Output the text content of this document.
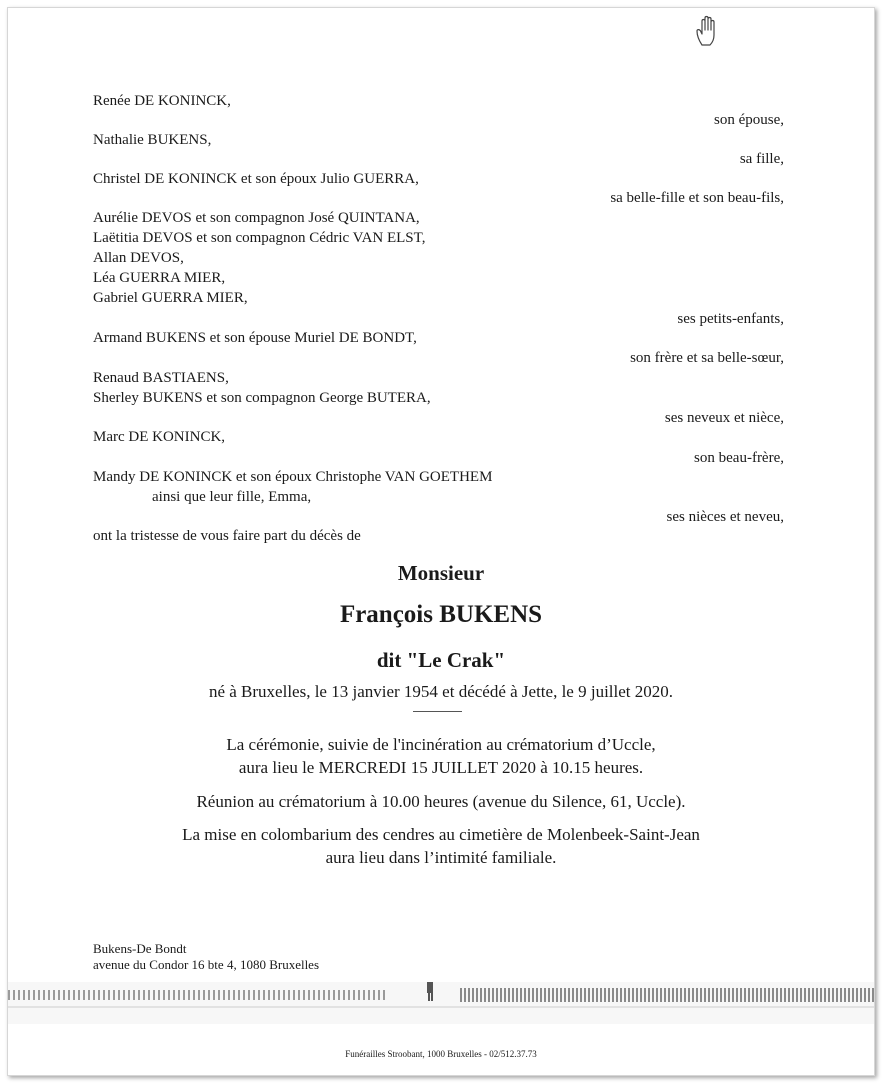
Renée DE KONINCK,
Nathalie BUKENS,
Christel DE KONINCK et son époux Julio GUERRA,
Aurélie DEVOS et son compagnon José QUINTANA,
Laëtitia DEVOS et son compagnon Cédric VAN ELST,
Allan DEVOS,
Léa GUERRA MIER,
Gabriel GUERRA MIER,
Armand BUKENS et son épouse Muriel DE BONDT,
Renaud BASTIAENS,
Sherley BUKENS et son compagnon George BUTERA,
Marc DE KONINCK,
Mandy DE KONINCK et son époux Christophe VAN GOETHEM
ainsi que leur fille, Emma,
ont la tristesse de vous faire part du décès de
son épouse,
sa fille,
sa belle-fille et son beau-fils,
ses petits-enfants,
son frère et sa belle-sœur,
ses neveux et nièce,
son beau-frère,
ses nièces et neveu,
Monsieur
François BUKENS
dit "Le Crak"
né à Bruxelles, le 13 janvier 1954 et décédé à Jette, le 9 juillet 2020.
La cérémonie, suivie de l'incinération au crématorium d’Uccle,
aura lieu le MERCREDI 15 JUILLET 2020 à 10.15 heures.
Réunion au crématorium à 10.00 heures (avenue du Silence, 61, Uccle).
La mise en colombarium des cendres au cimetière de Molenbeek-Saint-Jean
aura lieu dans l’intimité familiale.
Bukens-De Bondt
avenue du Condor 16 bte 4, 1080 Bruxelles
Funérailles Stroobant, 1000 Bruxelles - 02/512.37.73
